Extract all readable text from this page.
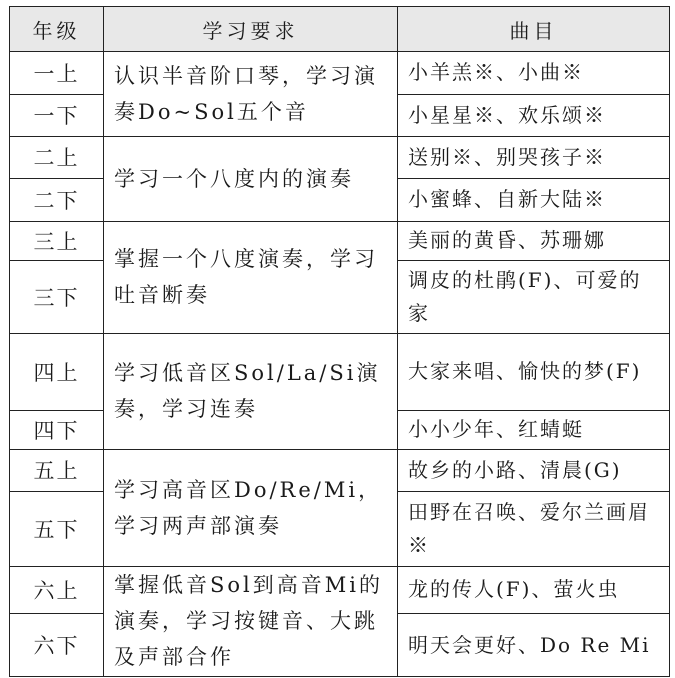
年级	学习要求	曲目
一上	认识半音阶口琴，学习演奏Do~Sol五个音	小羊羔※、小曲※
一下		小星星※、欢乐颂※
二上	学习一个八度内的演奏	送别※、别哭孩子※
二下		小蜜蜂、自新大陆※
三上	掌握一个八度演奏，学习吐音断奏	美丽的黄昏、苏珊娜
三下		调皮的杜鹃(F)、可爱的家
四上	学习低音区Sol/La/Si演奏，学习连奏	大家来唱、愉快的梦(F)
四下		小小少年、红蜻蜓
五上	学习高音区Do/Re/Mi，学习两声部演奏	故乡的小路、清晨(G)
五下		田野在召唤、爱尔兰画眉※
六上	掌握低音Sol到高音Mi的演奏，学习按键音、大跳及声部合作	龙的传人(F)、萤火虫
六下		明天会更好、Do Re Mi
